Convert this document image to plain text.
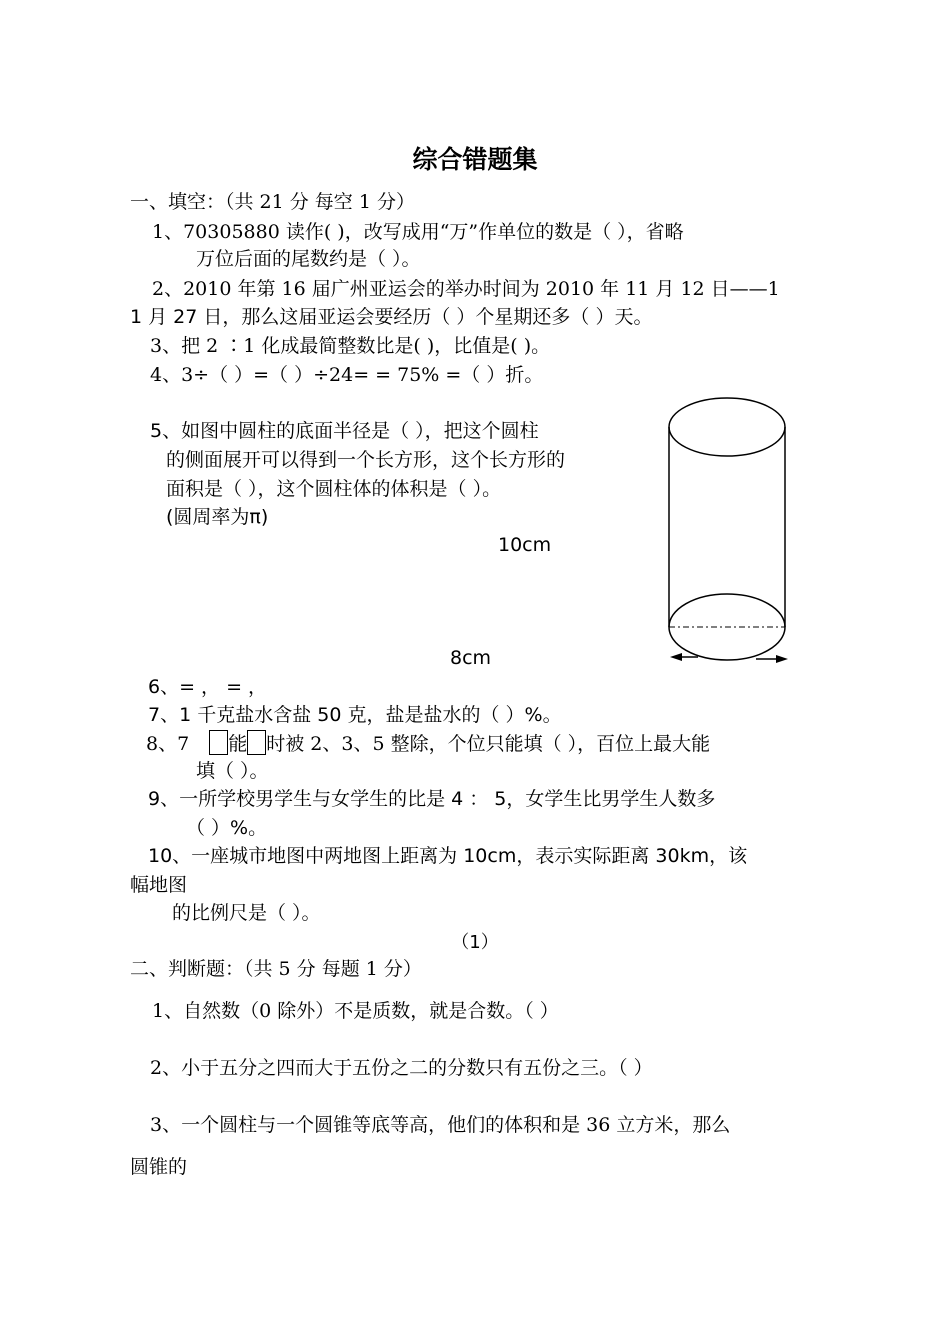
综合错题集
一、填空：（共 21 分 每空 1 分）
1、70305880 读作( )，改写成用“万”作单位的数是（ ），省略
万位后面的尾数约是（ ）。
2、2010 年第 16 届广州亚运会的举办时间为 2010 年 11 月 12 日——1
1 月 27 日，那么这届亚运会要经历（ ）个星期还多（ ）天。
3、把 2 ∶1 化成最简整数比是( )，比值是( )。
4、3÷（ ）=（ ）÷24= = 75% =（ ）折。
5、如图中圆柱的底面半径是（ ），把这个圆柱
的侧面展开可以得到一个长方形，这个长方形的
面积是（ ），这个圆柱体的体积是（ ）。
(圆周率为π)
10cm
8cm
6、= ， = ，
7、1 千克盐水含盐 50 克，盐是盐水的（ ）%。
8、7 能 时被 2、3、5 整除，个位只能填（ ），百位上最大能
填（ ）。
9、一所学校男学生与女学生的比是 4 ： 5，女学生比男学生人数多
（ ）%。
10、一座城市地图中两地图上距离为 10cm，表示实际距离 30km，该
幅地图
的比例尺是（ ）。
（1）
二、判断题：（共 5 分 每题 1 分）
1、自然数（0 除外）不是质数，就是合数。（ ）
2、小于五分之四而大于五份之二的分数只有五份之三。（ ）
3、一个圆柱与一个圆锥等底等高，他们的体积和是 36 立方米，那么
圆锥的
